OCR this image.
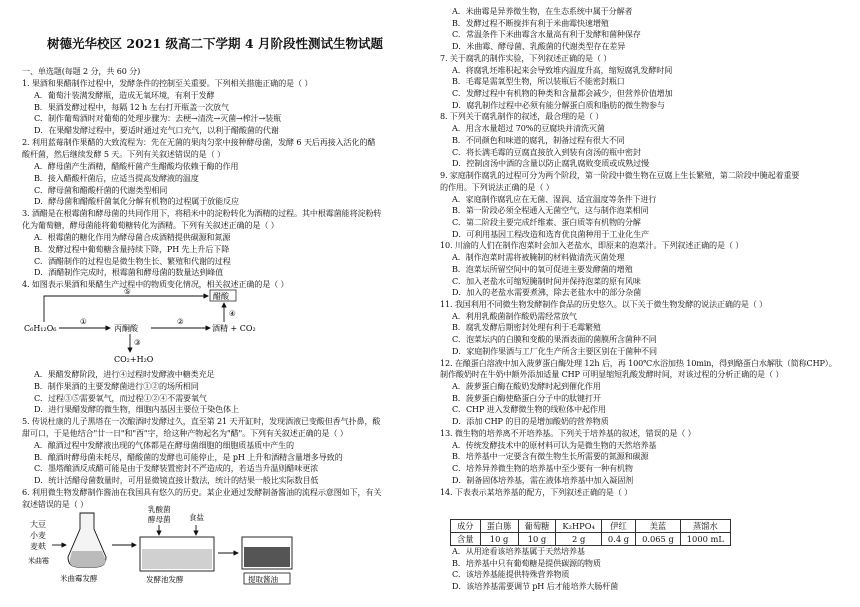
树德光华校区 2021 级高二下学期 4 月阶段性测试生物试题
一、单选题(每题 2 分，共 60 分)
1. 果酒和果醋制作过程中，发酵条件的控制至关重要。下列相关措施正确的是（ ）
A．葡萄汁装满发酵瓶，造成无氧环境，有利于发酵
B．果酒发酵过程中，每隔 12 h 左右打开瓶盖一次放气
C．制作葡萄酒时对葡萄的处理步骤为：去梗→清洗→灭菌→榨汁→装瓶
D．在果醋发酵过程中，要适时通过充气口充气，以利于醋酸菌的代谢
2. 利用蓝莓制作果醋的大致流程为：先在无菌的果肉匀浆中接种酵母菌，发酵 6 天后再接入活化的醋
酸杆菌，然后继续发酵 5 天。下列有关叙述错误的是（ ）
A．酵母菌产生酒精，醋酸杆菌产生醋酸均依赖于酶的作用
B．接入醋酸杆菌后，应适当提高发酵液的温度
C．酵母菌和醋酸杆菌的代谢类型相同
D．酵母菌和醋酸杆菌氧化分解有机物的过程属于放能反应
3. 酒醋是在根霉菌和酵母菌的共同作用下，将稻米中的淀粉转化为酒精的过程。其中根霉菌能将淀粉转
化为葡萄糖，酵母菌能将葡萄糖转化为酒精。下列有关叙述正确的是（ ）
A．根霉菌的糖化作用为酵母菌合成酒精提供碳源和氮源
B．发酵过程中葡萄糖含量持续下降，PH 先上升后下降
C．酒醋制作的过程也是微生物生长、繁殖和代谢的过程
D．酒醋制作完成时，根霉菌和酵母菌的数量达到峰值
4. 如图表示果酒和果醋生产过程中的物质变化情况，相关叙述正确的是（ ）
A．果醋发酵阶段，进行④过程时发酵液中糖类充足
B．制作果酒的主要发酵菌进行①②的场所相同
C．过程③⑤需要氧气，而过程①②④不需要氧气
D．进行果醋发酵的微生物，细胞内基因主要位于染色体上
5. 传说杜康的儿子黑塔在一次酿酒时发酵过久，直至第 21 天开缸时，发现酒液已变酸但香气扑鼻，酸
甜可口，于是他结合"廿一日"和"酉"字，给这种产物起名为"醋"。下列有关叙述正确的是（ ）
A．酿酒过程中发酵液出现的气体都是在酵母菌细胞的细胞质基质中产生的
B．酿酒时酵母菌未耗尽，醋酸菌的发酵也可能停止，是 pH 上升和酒精含量增多导致的
C．墨塔酿酒反成醋可能是由于发酵装置密封不严造成的，若适当升温则醋味更浓
D．统计活醋母菌数量时，可用显微镜直接计数法，统计的结果一般比实际数目低
6. 利用微生物发酵制作酱油在我国具有悠久的历史。某企业通过发酵制备酱油的流程示意图如下，有关
叙述错误的是（ ）
C₆H₁₂O₆
①
丙酮酸
②
酒精 + CO₂
③
CO₂+H₂O
醋酸
④
⑤
大豆
小麦
麦麸
米曲霉
米曲霉发酵
乳酸菌
酵母菌 食盐
发酵池发酵	提取酱油
A．米曲霉是异养微生物，在生态系统中属于分解者
B．发酵过程不断搅拌有利于米曲霉快速增殖
C．常温条件下米曲霉含水量高有利于发酵和菌种保存
D．米曲霉、酵母菌、乳酸菌的代谢类型存在差异
7. 关于腐乳的制作实验，下列叙述正确的是（ ）
A．将腐乳坯堆积起来会导致堆内温度升高，缩短腐乳发酵时间
B．毛霉是需氧型生物，所以装瓶后不能密封瓶口
C．发酵过程中有机物的种类和含量都会减少，但营养价值增加
D．腐乳制作过程中必须有能分解蛋白质和脂肪的微生物参与
8. 下列关于腐乳制作的叙述，最合理的是（ ）
A．用含水量超过 70%的豆腐块并清洗灭菌
B．不同颜色和味道的腐乳，制备过程有很大不同
C．将长满毛霉的豆腐直接放入到装有卤汤的瓶中密封
D．控制卤汤中酒的含量以防止腐乳腐败变质或成熟过慢
9. 家庭制作腐乳的过程可分为两个阶段，第一阶段中微生物在豆腐上生长繁殖，第二阶段中腌起着重要
的作用。下列说法正确的是（ ）
A．家庭制作腐乳应在无菌、湿润、适宜温度等条件下进行
B．第一阶段必须全程通入无菌空气，这与制作泡菜相同
C．第二阶段主要完成纤维素、蛋白质等有机物的分解
D．可利用基因工程改造和选育优良菌种用于工业化生产
10. 川渝的人们在制作泡菜时会加入老盐水，即原来的泡菜汁。下列叙述正确的是（ ）
A．制作泡菜时需将被腌制的材料做清洗灭菌处理
B．泡菜坛所留空间中的氧可促进主要发酵菌的增殖
C．加入老盐水可缩短腌制时间并保持泡菜的原有风味
D．加入的老盐水需要煮沸，除去老盐水中的部分杂菌
11. 我国利用不同微生物发酵制作食品的历史悠久。以下关于微生物发酵的说法正确的是（ ）
A．利用乳酸菌制作酸奶需经常放气
B．腐乳发酵后期密封处理有利于毛霉繁殖
C．泡菜坛内的白膜和变酸的果酒表面的菌膜所含菌种不同
D．家庭制作果酒与工厂化生产所含主要区别在于菌种不同
12. 在酿蛋白溶液中加入菠萝蛋白酶处理 12h 后，再 100℃水浴加热 10min，得到酪蛋白水解肽（简称CHP）。
制作酸奶时在牛奶中额外添加适量 CHP 可明显缩短乳酸发酵时间，对该过程的分析正确的是（ ）
A．菠萝蛋白酶在酸奶发酵时起到催化作用
B．菠萝蛋白酶使酪蛋白分子中的肽键打开
C．CHP 进入发酵微生物的线粒体中起作用
D．添加 CHP 的目的是增加酸奶的营养物质
13. 微生物的培养离不开培养基。下列关于培养基的叙述，错误的是（ ）
A．传统发酵技术中的原材料可认为是微生物的天然培养基
B．培养基中一定要含有微生物生长所需要的氮源和碳源
C．培养异养微生物的培养基中至少要有一种有机物
D．制备固体培养基，需在液体培养基中加入凝固剂
14. 下表表示某培养基的配方，下列叙述正确的是（ ）
A．从用途看该培养基属于天然培养基
B．培养基中只有葡萄糖是提供碳源的物质
C．该培养基能提供特殊营养物质
D．该培养基需要调节 pH 后才能培养大肠杆菌
成分	蛋白胨	葡萄糖	K₂HPO₄	伊红	美蓝	蒸馏水
含量	10 g	10 g	2 g	0.4 g	0.065 g	1000 mL
